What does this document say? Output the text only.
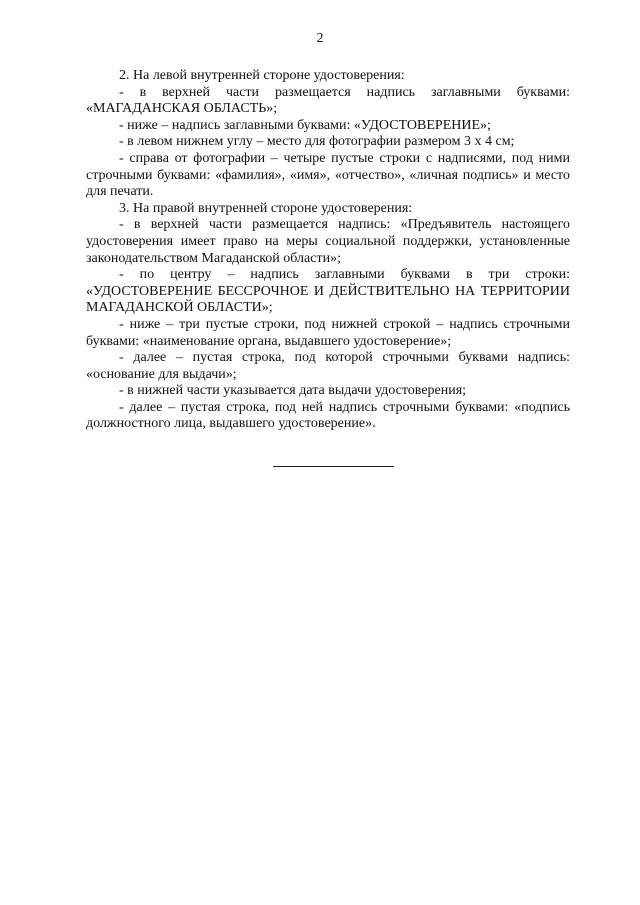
2

2. На левой внутренней стороне удостоверения:

- в верхней части размещается надпись заглавными буквами: «МАГАДАНСКАЯ ОБЛАСТЬ»;

- ниже – надпись заглавными буквами: «УДОСТОВЕРЕНИЕ»;

- в левом нижнем углу – место для фотографии размером 3 х 4 см;

- справа от фотографии – четыре пустые строки с надписями, под ними строчными буквами: «фамилия», «имя», «отчество», «личная подпись» и место для печати.

3. На правой внутренней стороне удостоверения:

- в верхней части размещается надпись: «Предъявитель настоящего удостоверения имеет право на меры социальной поддержки, установленные законодательством Магаданской области»;

- по центру – надпись заглавными буквами в три строки: «УДОСТОВЕРЕНИЕ БЕССРОЧНОЕ И ДЕЙСТВИТЕЛЬНО НА ТЕРРИТОРИИ МАГАДАНСКОЙ ОБЛАСТИ»;

- ниже – три пустые строки, под нижней строкой – надпись строчными буквами: «наименование органа, выдавшего удостоверение»;

- далее – пустая строка, под которой строчными буквами надпись: «основание для выдачи»;

- в нижней части указывается дата выдачи удостоверения;

- далее – пустая строка, под ней надпись строчными буквами: «подпись должностного лица, выдавшего удостоверение».
